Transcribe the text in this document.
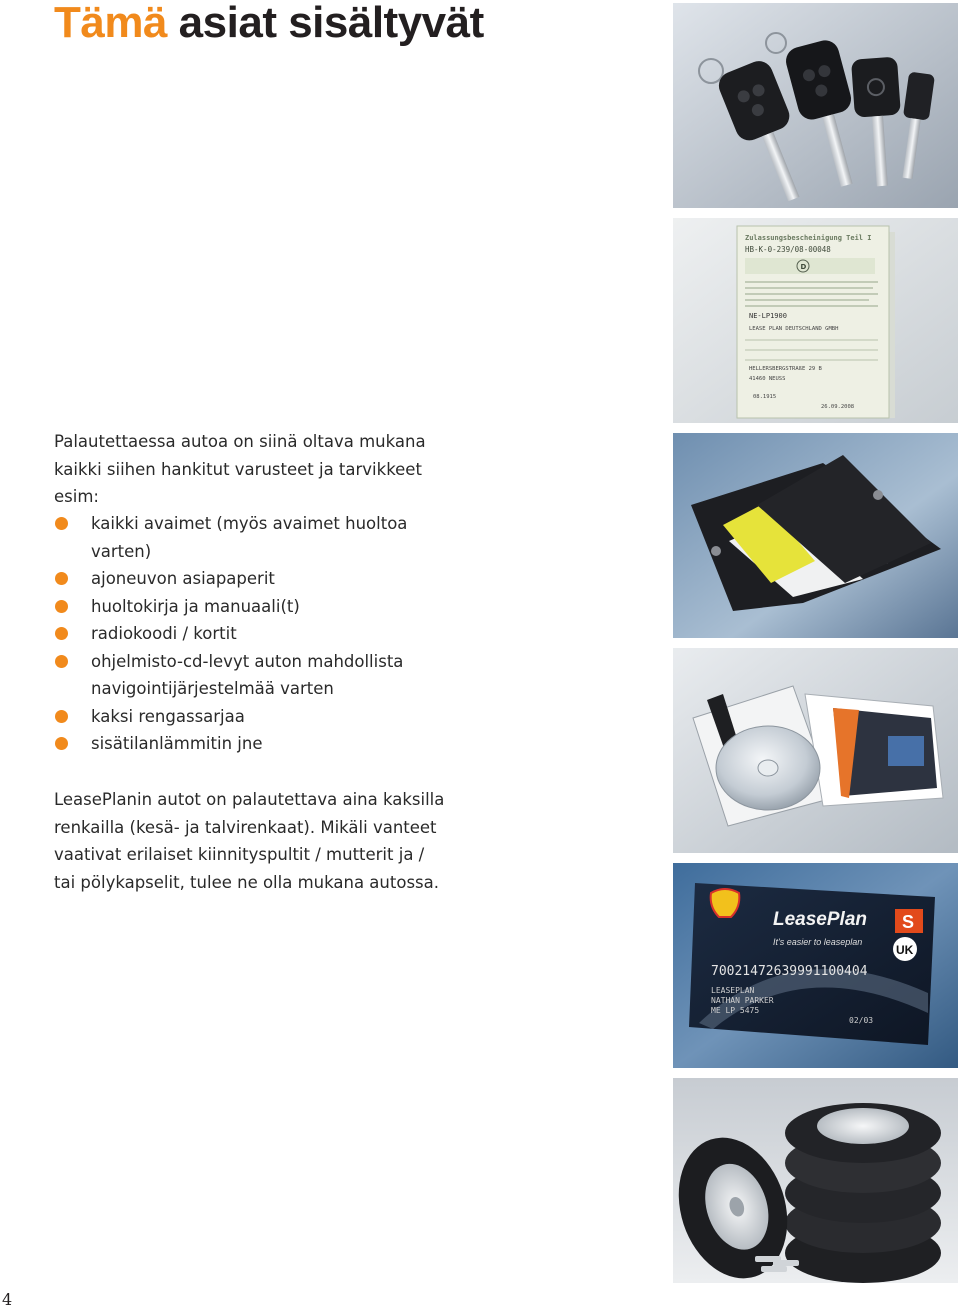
Tämä asiat sisältyvät
Palautettaessa autoa on siinä oltava mukana kaikki siihen hankitut varusteet ja tarvikkeet esim:
kaikki avaimet (myös avaimet huoltoa varten)
ajoneuvon asiapaperit
huoltokirja ja manuaali(t)
radiokoodi / kortit
ohjelmisto-cd-levyt auton mahdollista navigointijärjestelmää varten
kaksi rengassarjaa
sisätilanlämmitin jne
LeasePlanin autot on palautettava aina kaksilla renkailla (kesä- ja talvirenkaat). Mikäli vanteet vaativat erilaiset kiinnityspultit / mutterit ja / tai pölykapselit, tulee ne olla mukana autossa.
Zulassungsbescheinigung Teil I
HB-K-0-239/08-00048
D
NE-LP1900
LEASE PLAN DEUTSCHLAND GMBH
HELLERSBERGSTRAßE 29 B
41460 NEUSS
08.1915
26.09.2008
LeasePlan
It's easier to leaseplan
S
UK
70021472639991100404
LEASEPLAN
NATHAN PARKER
ME LP 5475
02/03
4
